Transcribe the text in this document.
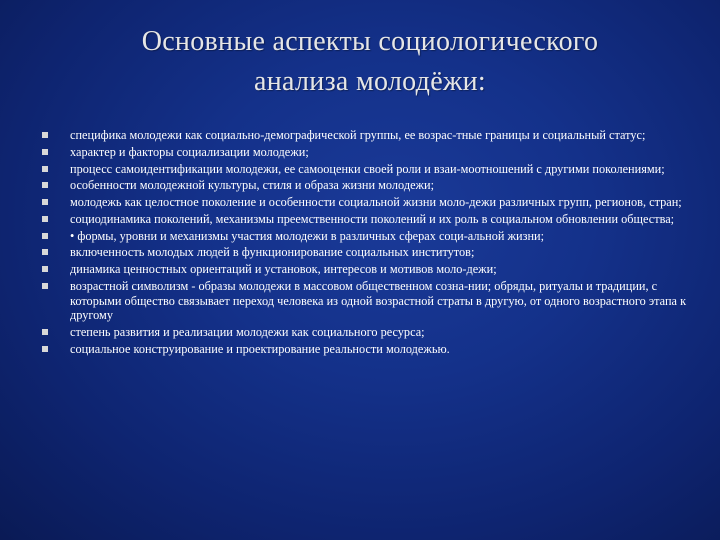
Основные аспекты социологического
анализа молодёжи:
специфика молодежи как социально-демографической группы, ее возрас-тные границы и социальный статус;
характер и факторы социализации молодежи;
процесс самоидентификации молодежи, ее самооценки своей роли и взаи-моотношений с другими поколениями;
особенности молодежной культуры, стиля и образа жизни молодежи;
молодежь как целостное поколение и особенности социальной жизни моло-дежи различных групп, регионов, стран;
социодинамика поколений, механизмы преемственности поколений и их роль в социальном обновлении общества;
• формы, уровни и механизмы участия молодежи в различных сферах соци-альной жизни;
включенность молодых людей в функционирование социальных институтов;
динамика ценностных ориентаций и установок, интересов и мотивов моло-дежи;
возрастной символизм - образы молодежи в массовом общественном созна-нии; обряды, ритуалы и традиции, с которыми общество связывает переход человека из одной возрастной страты в другую, от одного возрастного этапа к другому
степень развития и реализации молодежи как социального ресурса;
социальное конструирование и проектирование реальности молодежью.
